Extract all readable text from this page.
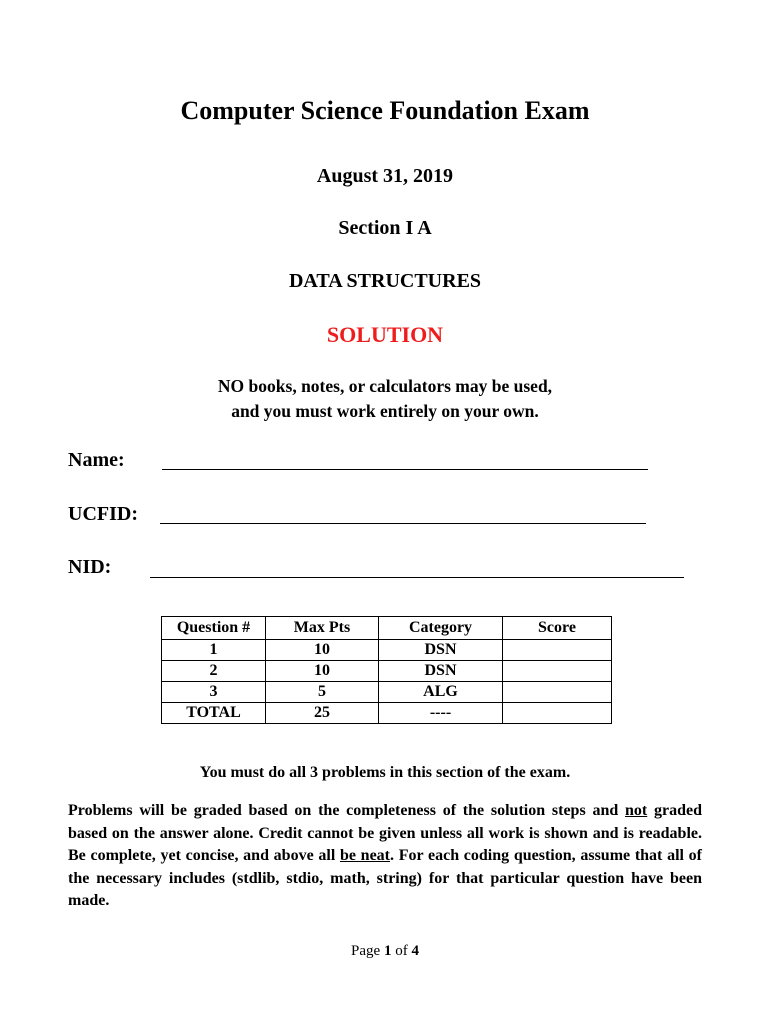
Computer Science Foundation Exam
August 31, 2019
Section I A
DATA STRUCTURES
SOLUTION
NO books, notes, or calculators may be used,
and you must work entirely on your own.
Name:
UCFID:
NID:
Question #	Max Pts	Category	Score
1	10	DSN	
2	10	DSN	
3	5	ALG	
TOTAL	25	----	
You must do all 3 problems in this section of the exam.
Problems will be graded based on the completeness of the solution steps and not graded based on the answer alone. Credit cannot be given unless all work is shown and is readable. Be complete, yet concise, and above all be neat. For each coding question, assume that all of the necessary includes (stdlib, stdio, math, string) for that particular question have been made.
Page 1 of 4
